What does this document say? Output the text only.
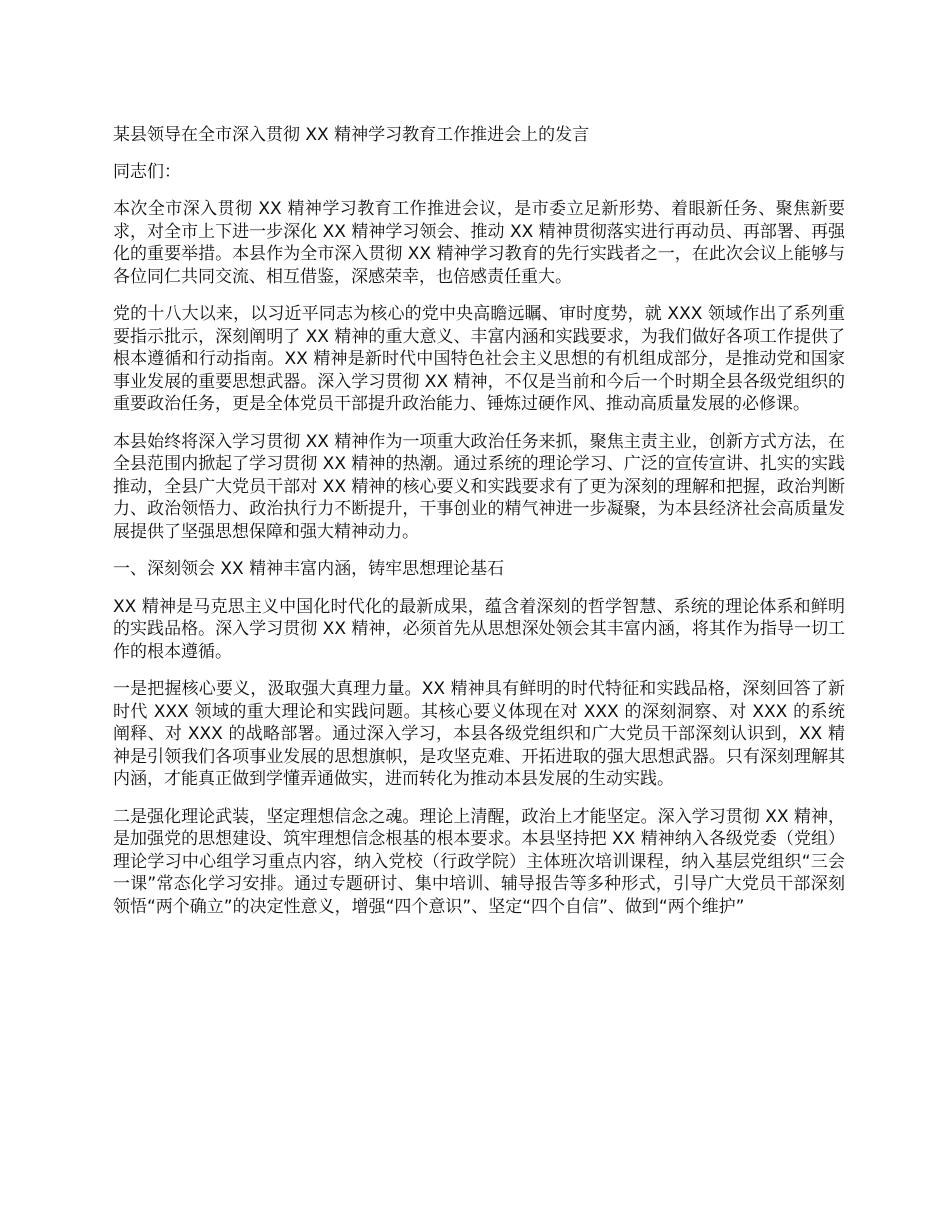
某县领导在全市深入贯彻 XX 精神学习教育工作推进会上的发言

同志们：

本次全市深入贯彻 XX 精神学习教育工作推进会议，是市委立足新形势、着眼新任务、聚焦新要求，对全市上下进一步深化 XX 精神学习领会、推动 XX 精神贯彻落实进行再动员、再部署、再强化的重要举措。本县作为全市深入贯彻 XX 精神学习教育的先行实践者之一，在此次会议上能够与各位同仁共同交流、相互借鉴，深感荣幸，也倍感责任重大。

党的十八大以来，以习近平同志为核心的党中央高瞻远瞩、审时度势，就 XXX 领域作出了系列重要指示批示，深刻阐明了 XX 精神的重大意义、丰富内涵和实践要求，为我们做好各项工作提供了根本遵循和行动指南。XX 精神是新时代中国特色社会主义思想的有机组成部分，是推动党和国家事业发展的重要思想武器。深入学习贯彻 XX 精神，不仅是当前和今后一个时期全县各级党组织的重要政治任务，更是全体党员干部提升政治能力、锤炼过硬作风、推动高质量发展的必修课。

本县始终将深入学习贯彻 XX 精神作为一项重大政治任务来抓，聚焦主责主业，创新方式方法，在全县范围内掀起了学习贯彻 XX 精神的热潮。通过系统的理论学习、广泛的宣传宣讲、扎实的实践推动，全县广大党员干部对 XX 精神的核心要义和实践要求有了更为深刻的理解和把握，政治判断力、政治领悟力、政治执行力不断提升，干事创业的精气神进一步凝聚，为本县经济社会高质量发展提供了坚强思想保障和强大精神动力。

一、深刻领会 XX 精神丰富内涵，铸牢思想理论基石

XX 精神是马克思主义中国化时代化的最新成果，蕴含着深刻的哲学智慧、系统的理论体系和鲜明的实践品格。深入学习贯彻 XX 精神，必须首先从思想深处领会其丰富内涵，将其作为指导一切工作的根本遵循。

一是把握核心要义，汲取强大真理力量。XX 精神具有鲜明的时代特征和实践品格，深刻回答了新时代 XXX 领域的重大理论和实践问题。其核心要义体现在对 XXX 的深刻洞察、对 XXX 的系统阐释、对 XXX 的战略部署。通过深入学习，本县各级党组织和广大党员干部深刻认识到，XX 精神是引领我们各项事业发展的思想旗帜，是攻坚克难、开拓进取的强大思想武器。只有深刻理解其内涵，才能真正做到学懂弄通做实，进而转化为推动本县发展的生动实践。

二是强化理论武装，坚定理想信念之魂。理论上清醒，政治上才能坚定。深入学习贯彻 XX 精神，是加强党的思想建设、筑牢理想信念根基的根本要求。本县坚持把 XX 精神纳入各级党委（党组）理论学习中心组学习重点内容，纳入党校（行政学院）主体班次培训课程，纳入基层党组织“三会一课”常态化学习安排。通过专题研讨、集中培训、辅导报告等多种形式，引导广大党员干部深刻领悟“两个确立”的决定性意义，增强“四个意识”、坚定“四个自信”、做到“两个维护”
